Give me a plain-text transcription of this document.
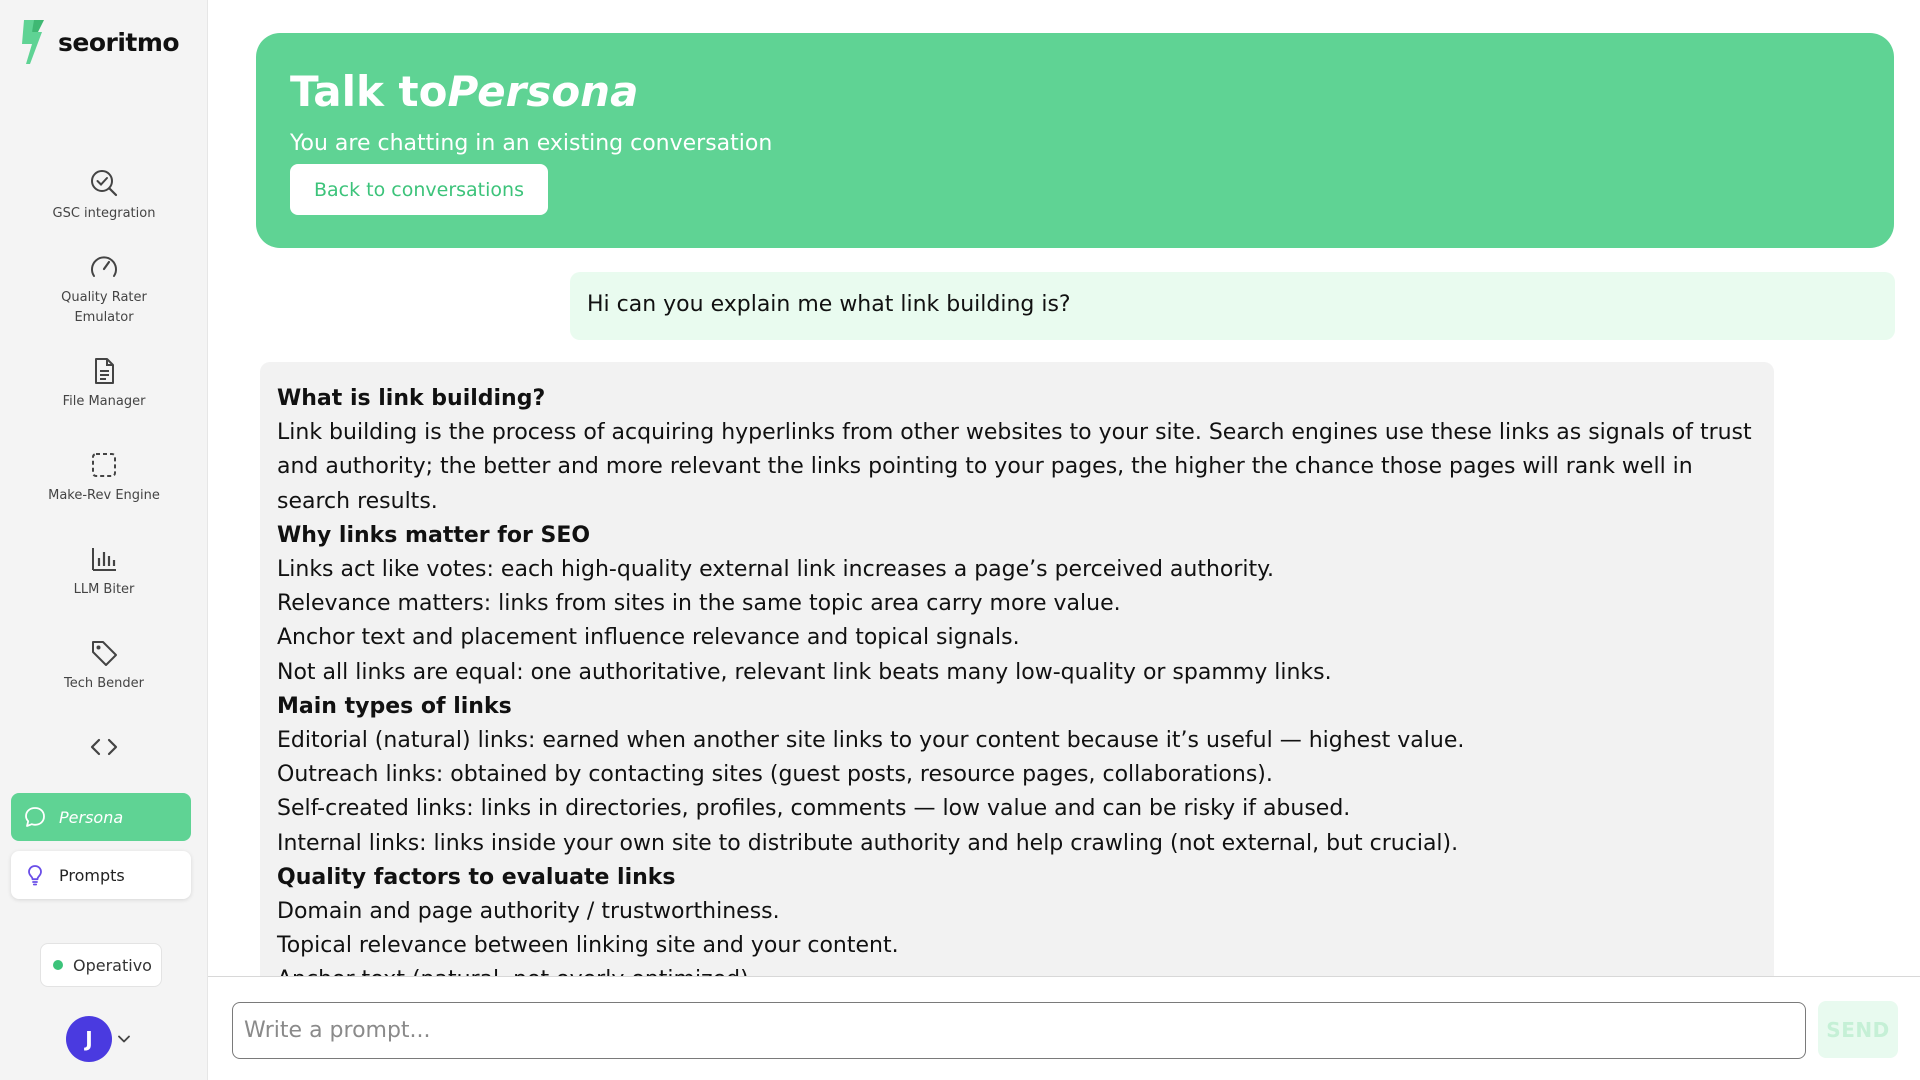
seoritmo
GSC integration
Quality Rater
Emulator
File Manager
Make-Rev Engine
LLM Biter
Tech Bender
Persona
Prompts
Operativo
J
Talk toPersona
You are chatting in an existing conversation
Back to conversations
Hi can you explain me what link building is?
What is link building?
Link building is the process of acquiring hyperlinks from other websites to your site. Search engines use these links as signals of trust and authority; the better and more relevant the links pointing to your pages, the higher the chance those pages will rank well in search results.
Why links matter for SEO
Links act like votes: each high-quality external link increases a page’s perceived authority.
Relevance matters: links from sites in the same topic area carry more value.
Anchor text and placement influence relevance and topical signals.
Not all links are equal: one authoritative, relevant link beats many low-quality or spammy links.
Main types of links
Editorial (natural) links: earned when another site links to your content because it’s useful — highest value.
Outreach links: obtained by contacting sites (guest posts, resource pages, collaborations).
Self-created links: links in directories, profiles, comments — low value and can be risky if abused.
Internal links: links inside your own site to distribute authority and help crawling (not external, but crucial).
Quality factors to evaluate links
Domain and page authority / trustworthiness.
Topical relevance between linking site and your content.
Write a prompt...
SEND
